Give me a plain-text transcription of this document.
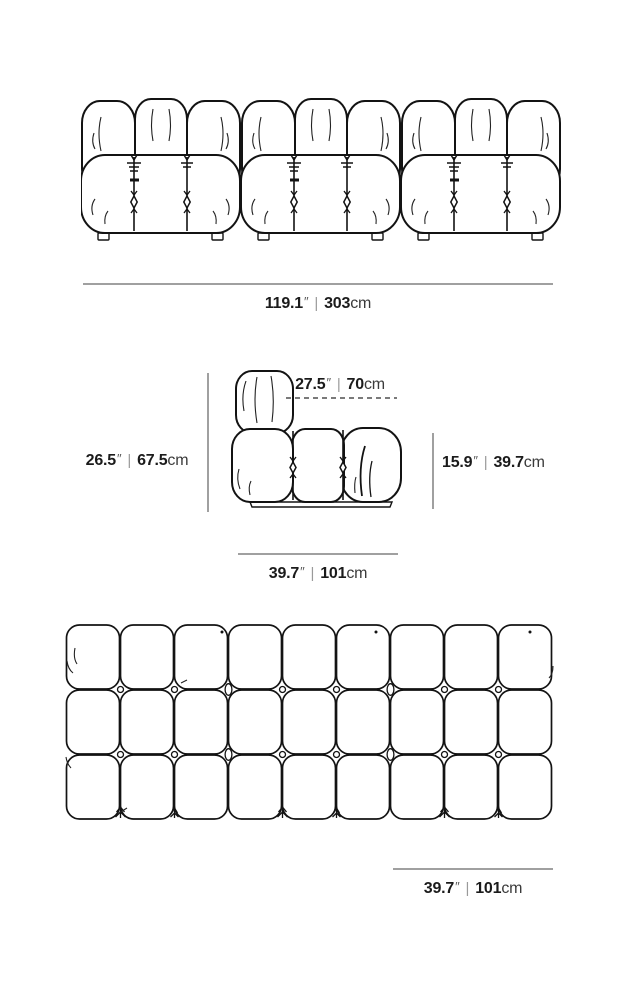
119.1″ | 303cm
26.5″ | 67.5cm
27.5″ | 70cm
15.9″ | 39.7cm
39.7″ | 101cm
39.7″ | 101cm
